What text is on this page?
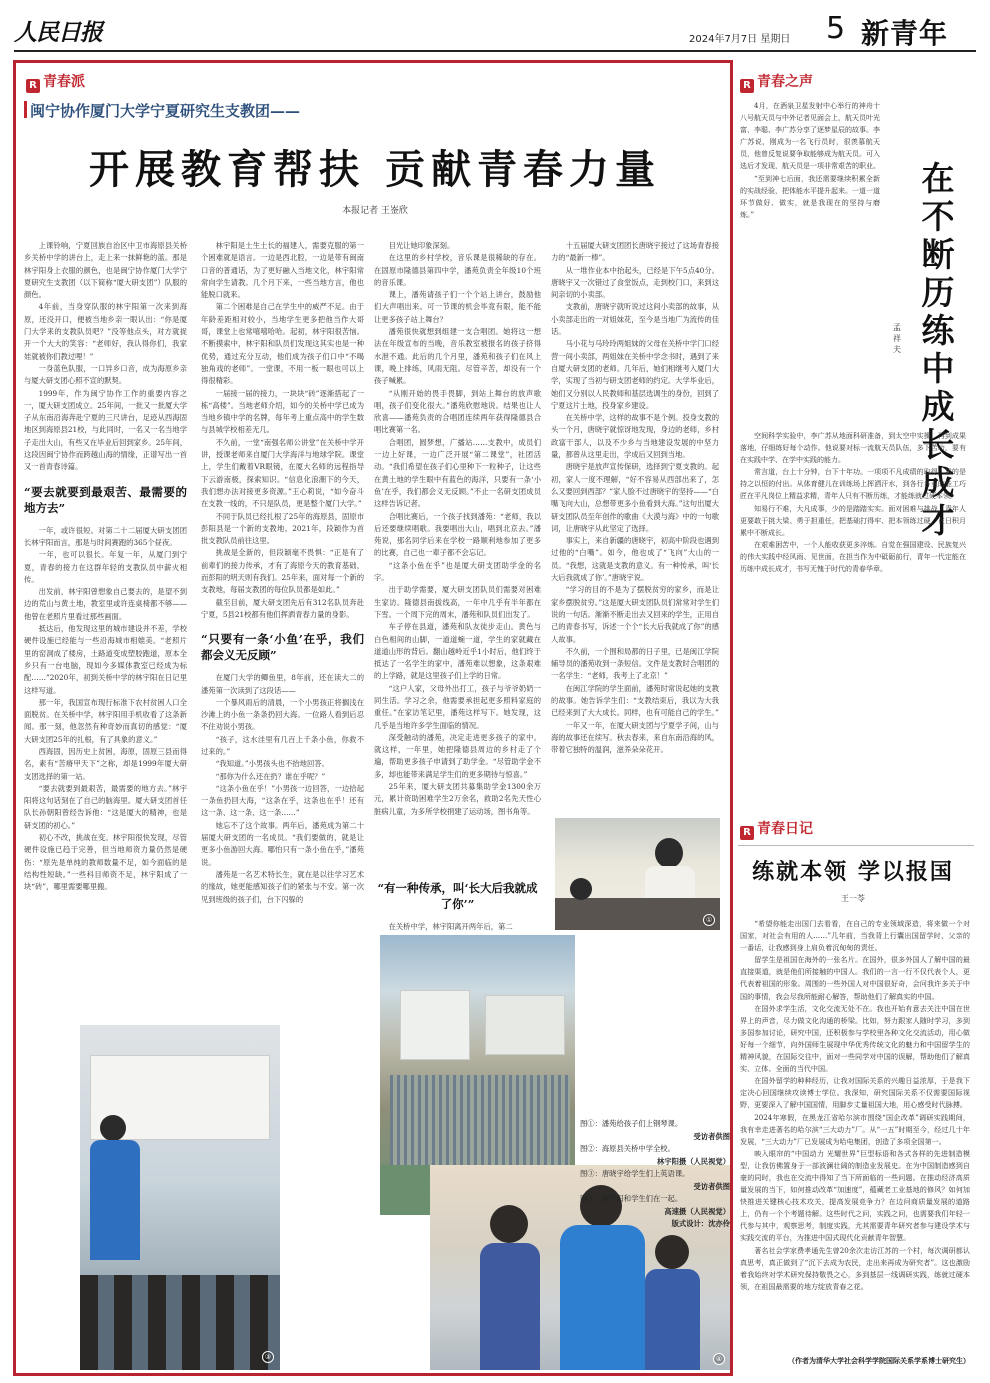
人民日报	2024年7月7日 星期日 5 新青年
R 青春派
闽宁协作厦门大学宁夏研究生支教团——
开展教育帮扶 贡献青春力量
本报记者 王崟欣

上课铃响，宁夏回族自治区中卫市海原县关桥乡关桥中学的讲台上，走上来一抹鲜艳的蓝。那是林宇阳身上衣服的颜色，也是闽宁协作厦门大学宁夏研究生支教团（以下简称“厦大研支团”）队服的颜色。

4年前，当身穿队服的林宇阳第一次来到海原，还没开口，便被当地乡亲一眼认出：“你是厦门大学来的支教队员吧？”没等他点头，对方就捉开一个大大的笑容：“老师好，我认得你们，我家娃就被你们教过哩！”

一身蓝色队服，一口异乡口音，成为海原乡亲与厦大研支团心照不宣的默契。

1999年，作为闽宁协作工作的重要内容之一，厦大研支团成立。25年间，一批又一批厦大学子从东南沿海奔赴宁夏的三尺讲台，足迹从西海固地区到海原县21校，与此同时，一名又一名当地学子走出大山，有些又在毕业后回到家乡。25年间，这段因闽宁协作而跨越山海的情缘，正谱写出一首又一首青春诗篇。

“要去就要到最艰苦、最需要的地方去”

一年，或许很短。对第二十二届厦大研支团团长林宇阳而言，那是与时间赛跑的365个昼夜。

一年，也可以很长。年复一年，从厦门到宁夏，青春的接力在这群年轻的支教队员中薪火相传。

出发前，林宇阳曾想象自己要去的，是望不到边的荒山与黄土地，教室里或许连桌椅都不够——他曾在老照片里看过那些画面。

抵达后，他发现这里的城市建设并不差，学校硬件设施已经能与一些沿海城市相媲美。“老照片里的窑洞成了楼房，土路道变成塑胶跑道，原本全乡只有一台电脑，现如今多媒体教室已经成为标配……”2020年，初到关桥中学的林宇阳在日记里这样写道。

那一年，我国宣布现行标准下农村贫困人口全面脱贫。在关桥中学，林宇阳用手机收看了这条新闻。那一刻，他忽然有种奇妙而真切的感觉：“厦大研支团25年的扎根，有了具象的意义。”

西海固，因历史上贫困，海原，固原三县而得名，素有“苦瘠甲天下”之称，却是1999年厦大研支团选择的第一站。

“要去就要到最艰苦，最需要的地方去。”林宇阳将这句话刻在了自己的脑海里。厦大研支团首任队长孙朝阳曾经告诉他：“这是厦大的精神，也是研支团的初心。”

初心不改，挑战在变。林宇阳很快发现，尽管硬件设施已趋于完善，但当地师资力量仍然是硬伤：“原先是单纯的教师数量不足，如今面临的是结构性短缺。”一些科目师资不足，林宇阳成了一块“砖”，哪里需要哪里搬。

林宇阳是土生土长的福建人，需要克服的第一个困难就是语言。一边是西北腔，一边是带有闽南口音的普通话，为了更好融入当地文化，林宇阳常常向学生请教。几个月下来，一些当地方言，他也能脱口就来。

第二个困难是自己在学生中的威严不足。由于年龄差距相对较小，当地学生更多把他当作大哥哥，课堂上也常嘻嘻哈哈。起初，林宇阳很苦恼。不断摸索中，林宇阳和队员们发现这其实也是一种优势，通过充分互动，他们成为孩子们口中“不喝独角戏的老师”。一堂课，不用一板一眼也可以上得很精彩。

一届接一届的接力，一块块“砖”逐渐搭起了一栋“高楼”。当地老师介绍，如今的关桥中学已成为当地乡镇中学的名牌，每年考上重点高中的学生数与县城学校相差无几。

不久前，一堂“南强名师公讲堂”在关桥中学开讲，授课老师来自厦门大学海洋与地球学院。课堂上，学生们戴着VR眼镜，在厦大名师的远程指导下云游南极，探索知识。“信息化浪潮下的今天，我们想办法对接更多资源。”王心莉说，“如今奋斗在支教一线的，不只是队员，更是整个厦门大学。”

不同于队员已经扎根了25年的海原县，固原市彭阳县是一个新的支教地。2021年，段颖作为首批支教队员前往这里。

挑战是全新的，但段颖毫不畏惧：“正是有了前辈们的接力传承，才有了海原今天的教育基础，而彭阳的明天则有我们。25年来，面对每一个新的支教地，每届支教团的每位队员都是如此。”

截至目前，厦大研支团先后有312名队员奔赴宁夏，5县21校都有他们挥洒青春力量的身影。

“只要有一条‘小鱼’在乎，我们都会义无反顾”

在厦门大学的鲫鱼里，8年前，还在读大二的潘苑第一次读到了这段话——

一个暴风雨后的清晨，一个小男孩正将搁浅在沙滩上的小鱼一条条扔回大海。一位路人看到后忍不住劝说小男孩。

“孩子，这水洼里有几百上千条小鱼，你救不过来的。”

“我知道。”小男孩头也不抬地回答。

“那你为什么还在扔？谁在乎呢？”

“这条小鱼在乎！”小男孩一边回答，一边拾起一条鱼扔回大海，“这条在乎，这条也在乎！还有这一条、这一条、这一条……”

她忘不了这个故事。两年后，潘苑成为第二十届厦大研支团的一名成员。“我们要做的，就是让更多小鱼游回大海。哪怕只有一条小鱼在乎，”潘苑说。

潘苑是一名艺术特长生，就在是以往学习艺术的缘故，她更能感知孩子们的紧张与不安。第一次见到班级的孩子们，台下闪躲的

目光让她印象深刻。

在这里的乡村学校，音乐课是很稀缺的存在。在固原市隆德县第四中学，潘苑负责全年级10个班的音乐课。

课上，潘苑请孩子们一个个站上讲台，鼓励他们大声唱出来。可一节课的机会毕竟有限，能不能让更多孩子站上舞台？

潘苑很快就想到组建一支合唱团。她将这一想法在年级宣布的当晚，音乐教室被报名的孩子挤得水泄不通。此后的几个月里，潘苑和孩子们在风上课，晚上排练，风雨无阻。尽管辛苦，却没有一个孩子喊累。

“从刚开始的畏手畏脚，到站上舞台的放声歌唱，孩子们变化很大。”潘苑欣慰地说。结果也让人欣喜——潘苑负责的合唱团连续两年获得隆德县合唱比赛第一名。

合唱团，圆梦想，广播站……支教中，成员们一边上好课，一边广泛开展“第二课堂”，社团活动。“我们希望在孩子们心里种下一粒种子，让这些在黄土地的学生眼中有蓝色的海洋，只要有一条‘小鱼’在乎，我们都会义无反顾。”不止一名研支团成员这样告诉记者。

合唱比赛后，一个孩子找到潘苑：“老师，我以后还要继续唱歌。我要唱出大山，唱到北京去。”潘苑说，那名同学后来在学校一路顺利地参加了更多的比赛，自己也一辈子都不会忘记。

“这条小鱼在乎”也是厦大研支团助学金的名字。

出于助学需要，厦大研支团队员们需要对困难生家访。隆德县南拔线高，一年中几乎有半年都在下雪。一个周下完的周末，潘苑和队员们出发了。

车子停在县道，潘苑和队友徒步走山。黄色与白色相间的山脚，一道道蜿一道，学生的家就藏在道道山形的背后。翻山越岭近乎1小时后，他们终于抵达了一名学生的家中，潘苑难以想象，这条艰难的上学路，就是这里孩子们上学的日常。

“这户人家，父母外出打工，孩子与爷爷奶奶一同生活。学习之余，他需要承担起更多照料家庭的重任。”在家访笔记里，潘苑这样写下。她发现，这几乎是当地许多学生面临的情况。

深受触动的潘苑，决定走进更多孩子的家中。就这样，一年里，她把隆德县周边的乡村走了个遍，帮助更多孩子申请到了助学金。“尽管助学金不多，却也能带来满足学生们的更多期待与惊喜。”

25年来，厦大研支团共募集助学金1300余万元，累计资助困难学生2万余名，救助2名先天性心脏病儿童，为多所学校捐建了运动场，图书角等。

“有一种传承，叫‘长大后我就成了你’”

在关桥中学，林宇阳离开两年后，第二

十五届厦大研支团团长唐晓宇接过了这场青春接力的“最新一棒”。

从一堆作业本中抬起头，已经是下午5点40分。唐晓宇又一次错过了食堂饭点，走到校门口，来到这间亲切的小卖部。

支教前，唐晓宇就听说过这间小卖部的故事，从小卖部走出的一对姐妹花，至今是当地广为流传的佳话。

马小花与马玲玲两姐妹的父母在关桥中学门口经营一间小卖部，两姐妹在关桥中学念书时，遇到了来自厦大研支团的老师。几年后，她们相继考入厦门大学，实现了当初与研支团老师的约定。大学毕业后，她们又分别以人民教师和基层选调生的身份，回到了宁夏这片土地，投身家乡建设。

在关桥中学，这样的故事不是个例。投身支教的头一个月，唐晓宇就惊讶地发现，身边的老师，乡村政富干部人，以及不少乡与当地建设发展的中坚力量，都曾从这里走出，学成后又回到当地。

唐晓宇是放声宣传保研，选择到宁夏支教的。起初，家人一度不理解，“好不容易从西部出来了，怎么又要回到西部？”家人脸不过唐晓宇的坚持——“白嘴飞向大山，总想带更多小鱼看到大海。”这句出厦大研支团队员至年创作的歌曲《大漠与海》中的一句歌词，让唐晓宇从此坚定了选择。

事实上，来自新疆的唐晓宇，初高中阶段也遇到过他的“白嘴”。如今，他也成了“飞向”大山的一员。“我想，这就是支教的意义。有一种传承，叫‘长大后我就成了你’。”唐晓宇说。

“学习的目的不是为了摆脱贫穷的家乡，而是让家乡摆脱贫穷。”这是厦大研支团队员们常常对学生们说的一句话。渐渐不断走出去又回来的学生，正用自己的青春书写，诉述一个个“长大后我就成了你”的感人故事。

不久前，一个围和局都的日子里，已是闽江学院辅导员的潘苑收到一条短信。文件是支教时合唱团的一名学生：“老师，我考上了北京！”

在闽江学院的学生面前，潘苑时常说起她的支教的故事。她告诉学生们：“支教结束后，我以为大我已经来到了大大成长。同样，也有可能自己的学生。”

一年又一年，在厦大研支团与宁夏学子间，山与海的故事还在续写。秋去春来，来自东南沿海的风，带着它独特的温润，滋养朵朵花开。

①
④
③
图①：潘苑给孩子们上钢琴课。
受访者供图
图②：海原县关桥中学全校。
林宇阳摄（人民视觉）
图③：唐晓宇给学生们上英语课。
受访者供图
图④：林宇阳和学生们在一起。
高速摄（人民视觉）
版式设计：沈亦伶
R 青春之声

4月，在酒泉卫星发射中心举行的神舟十八号航天员与中外记者见面会上，航天员叶光富、李聪、李广苏分享了逐梦星辰的故事。李广苏说，刚成为一名飞行员时，很羡慕航天员，他曾反复说要争取能够成为航天员。可入选后才发现，航天员是一项非常艰苦的职业。

“至到神七后面，我还需要继续积累全新的实战经验，把体能水平提升起来。一道一道环节做好、做实，就是我现在的坚持与磨炼。”

在不断历练中成长成才
孟祥夫

空间科学实验中，李广苏从地面科研准备，到太空中实操，再到成果落地，仔细练好每个动作。他说要对标一流航天员队伍，多下苦功，要有在实践中学、在学中实践的能力。

常言道，台上十分钟，台下十年功。一项项不凡成绩的取得，靠的是持之以恒的付出。从体育健儿在训练场上挥洒汗水，到各行各业的能工巧匠在平凡岗位上精益求精，青年人只有不断历练，才能练就过硬本领。

知易行不难，大凡成事，少的是踏踏实实。面对困难与挑战，青年人更要敢于挑大梁、勇于担重任，把基础打得牢、把本领练过硬，在日积月累中不断成长。

在艰难困苦中，一个人能收获更多淬炼。自觉在强国建设、民族复兴的伟大实践中经风雨、见世面，在担当作为中砥砺前行，青年一代定能在历练中成长成才，书写无愧于时代的青春华章。

R 青春日记
练就本领 学以报国
王一苓

“希望你能走出国门去看看，在自己的专业领域深造，将来做一个对国家，对社会有用的人……”几年前，当我背上行囊出国留学时，父亲的一番话，让我感到身上肩负着沉甸甸的责任。

留学生是祖国在海外的一张名片。在国外，很多外国人了解中国的最直接渠道，就是他们所接触的中国人。我们的一言一行不仅代表个人，更代表着祖国的形象。周围的一些外国人对中国很好奇，会问我许多关于中国的事情，我会尽我所能耐心解答，帮助他们了解真实的中国。

在国外求学生活，文化交流无处不在。我也开始有意去关注中国在世界上的声音，尽力做文化沟通的桥梁。比如，努力跟家人随时学习，多到多国参加讨论，研究中国，还积极参与学校里各种文化交流活动，用心做好每一个细节，向外国师生展现中华优秀传统文化的魅力和中国留学生的精神风貌，在国际交往中，面对一些同学对中国的误解，帮助他们了解真实、立体、全面的当代中国。

在国外留学的种种经历，让我对国际关系的兴趣日益浓厚，于是我下定决心回国继续攻读博士学位。我深知，研究国际关系不仅需要国际视野，更要深入了解中国国情，用脚步丈量祖国大地，用心感受时代脉搏。

2024年寒假，在黑龙江省哈尔滨市围绕“国企改革”调研实践期间，我有幸走进著名的哈尔滨“三大动力”厂。从“一五”时期至今，经过几十年发展，“三大动力”厂已发展成为哈电集团，创造了多项全国第一。

映入眼帘的“中国动力 光耀世界”巨型标语和各式各样的先进制造模型，让我仿佛置身于一部波澜壮阔的制造业发展史。在为中国制造感到自豪的同时，我也在交流中得知了当下所面临的一些问题。在推动经济高质量发展的当下，如何推动改革“加速度”，蕴藏老工业基地的修风？如何加快推进关键核心技术攻关，提高发展竞争力？在边问商质量发展的道路上，仍有一个个考题待解。这些时代之问，实践之问，也需要我们年轻一代参与其中，观察思考，制度实践，尤其需要青年研究者参与建设学术与实践交流的平台，为推进中国式现代化贡献青年智慧。

著名社会学家费孝通先生曾20余次走访江苏的一个村，每次调研都认真思考，真正做到了“沉下去成为农民，走出来再成为研究者”。这也激励着我始终对学术研究保持敬畏之心，多到基层一线调研实践，练就过硬本领，在祖国最需要的地方绽放青春之花。

（作者为清华大学社会科学学院国际关系学系博士研究生）
